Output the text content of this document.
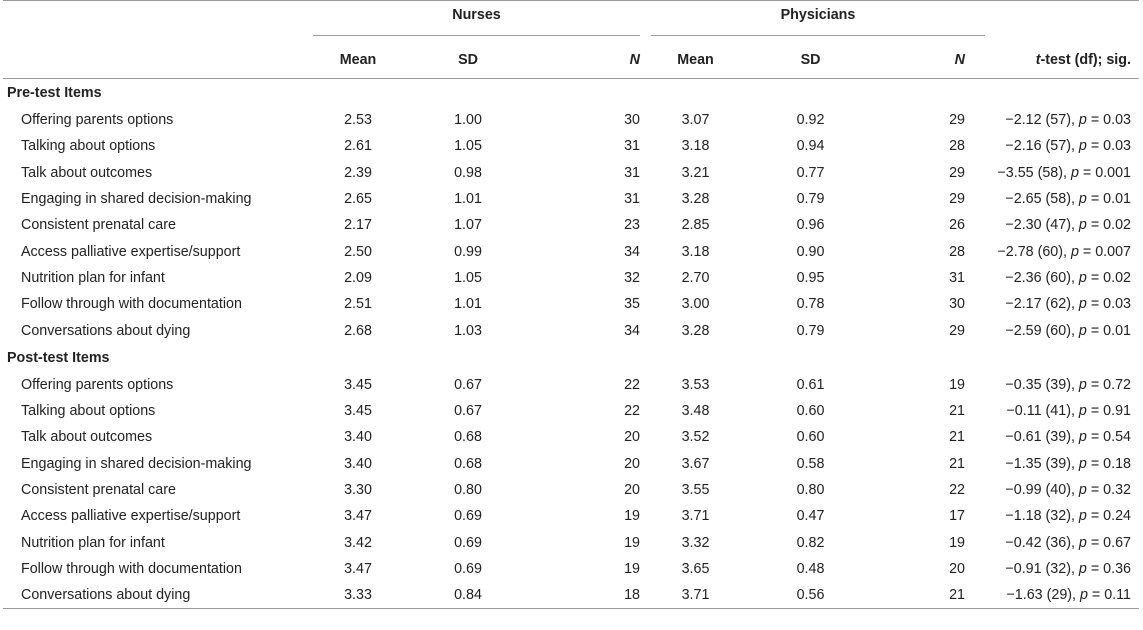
	Nurses				Physicians		

	Mean	SD	N	Mean	SD	N	t-test (df); sig.
Pre-test Items							
Offering parents options	2.53	1.00	30	3.07	0.92	29	−2.12 (57), p = 0.03
Talking about options	2.61	1.05	31	3.18	0.94	28	−2.16 (57), p = 0.03
Talk about outcomes	2.39	0.98	31	3.21	0.77	29	−3.55 (58), p = 0.001
Engaging in shared decision-making	2.65	1.01	31	3.28	0.79	29	−2.65 (58), p = 0.01
Consistent prenatal care	2.17	1.07	23	2.85	0.96	26	−2.30 (47), p = 0.02
Access palliative expertise/support	2.50	0.99	34	3.18	0.90	28	−2.78 (60), p = 0.007
Nutrition plan for infant	2.09	1.05	32	2.70	0.95	31	−2.36 (60), p = 0.02
Follow through with documentation	2.51	1.01	35	3.00	0.78	30	−2.17 (62), p = 0.03
Conversations about dying	2.68	1.03	34	3.28	0.79	29	−2.59 (60), p = 0.01
Post-test Items							
Offering parents options	3.45	0.67	22	3.53	0.61	19	−0.35 (39), p = 0.72
Talking about options	3.45	0.67	22	3.48	0.60	21	−0.11 (41), p = 0.91
Talk about outcomes	3.40	0.68	20	3.52	0.60	21	−0.61 (39), p = 0.54
Engaging in shared decision-making	3.40	0.68	20	3.67	0.58	21	−1.35 (39), p = 0.18
Consistent prenatal care	3.30	0.80	20	3.55	0.80	22	−0.99 (40), p = 0.32
Access palliative expertise/support	3.47	0.69	19	3.71	0.47	17	−1.18 (32), p = 0.24
Nutrition plan for infant	3.42	0.69	19	3.32	0.82	19	−0.42 (36), p = 0.67
Follow through with documentation	3.47	0.69	19	3.65	0.48	20	−0.91 (32), p = 0.36
Conversations about dying	3.33	0.84	18	3.71	0.56	21	−1.63 (29), p = 0.11
